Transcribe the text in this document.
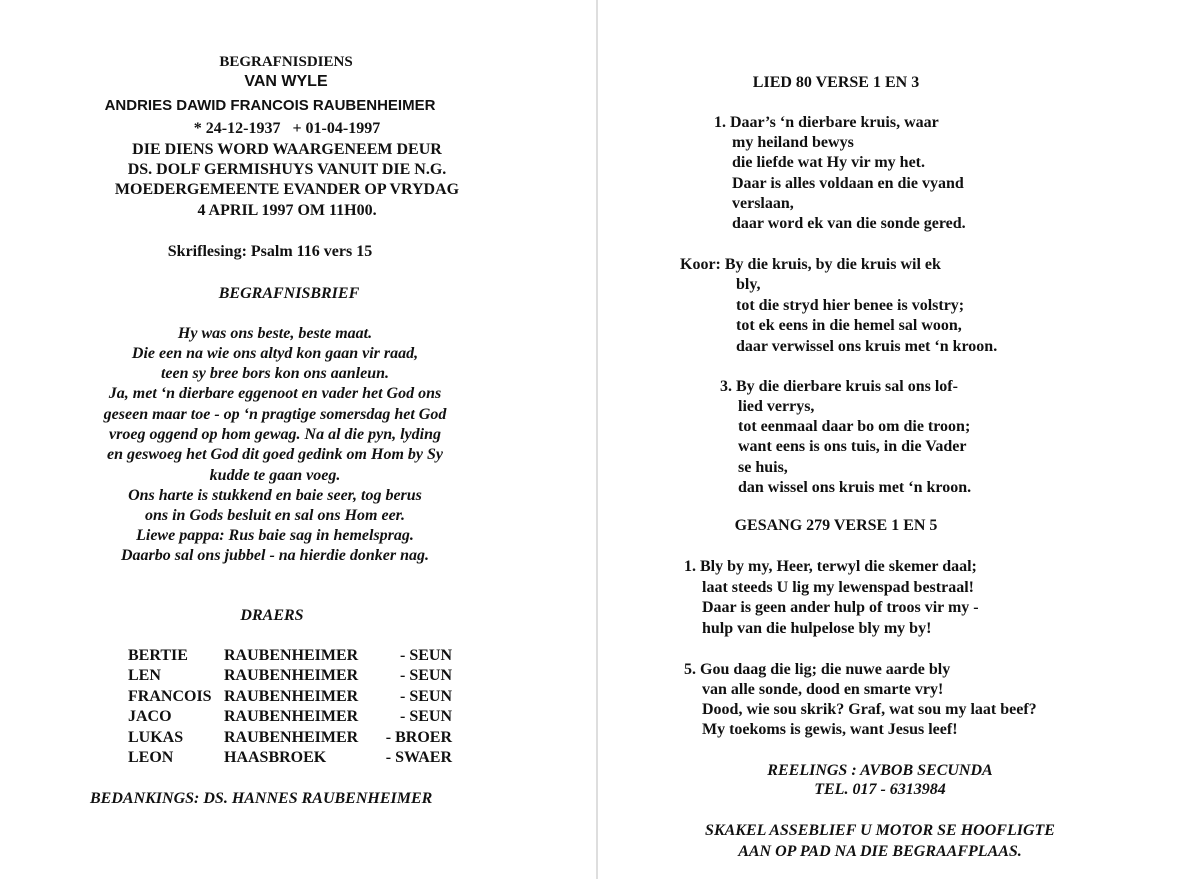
BEGRAFNISDIENS

VAN WYLE

ANDRIES DAWID FRANCOIS RAUBENHEIMER

* 24-12-1937   + 01-04-1997

DIE DIENS WORD WAARGENEEM DEUR

DS. DOLF GERMISHUYS VANUIT DIE N.G.

MOEDERGEMEENTE EVANDER OP VRYDAG

4 APRIL 1997 OM 11H00.

Skriflesing: Psalm 116 vers 15

BEGRAFNISBRIEF

Hy was ons beste, beste maat.

Die een na wie ons altyd kon gaan vir raad,

teen sy bree bors kon ons aanleun.

Ja, met ‘n dierbare eggenoot en vader het God ons

geseen maar toe - op ‘n pragtige somersdag het God

vroeg oggend op hom gewag. Na al die pyn, lyding

en geswoeg het God dit goed gedink om Hom by Sy

kudde te gaan voeg.

Ons harte is stukkend en baie seer, tog berus

ons in Gods besluit en sal ons Hom eer.

Liewe pappa: Rus baie sag in hemelsprag.

Daarbo sal ons jubbel - na hierdie donker nag.

DRAERS

BERTIE	RAUBENHEIMER	- SEUN
LEN	RAUBENHEIMER	- SEUN
FRANCOIS	RAUBENHEIMER	- SEUN
JACO	RAUBENHEIMER	- SEUN
LUKAS	RAUBENHEIMER	- BROER
LEON	HAASBROEK	- SWAER

BEDANKINGS: DS. HANNES RAUBENHEIMER

LIED 80 VERSE 1 EN 3

1. Daar’s ‘n dierbare kruis, waar

my heiland bewys

die liefde wat Hy vir my het.

Daar is alles voldaan en die vyand

verslaan,

daar word ek van die sonde gered.

Koor: By die kruis, by die kruis wil ek

bly,

tot die stryd hier benee is volstry;

tot ek eens in die hemel sal woon,

daar verwissel ons kruis met ‘n kroon.

3. By die dierbare kruis sal ons lof-

lied verrys,

tot eenmaal daar bo om die troon;

want eens is ons tuis, in die Vader

se huis,

dan wissel ons kruis met ‘n kroon.

GESANG 279 VERSE 1 EN 5

1. Bly by my, Heer, terwyl die skemer daal;

laat steeds U lig my lewenspad bestraal!

Daar is geen ander hulp of troos vir my -

hulp van die hulpelose bly my by!

5. Gou daag die lig; die nuwe aarde bly

van alle sonde, dood en smarte vry!

Dood, wie sou skrik? Graf, wat sou my laat beef?

My toekoms is gewis, want Jesus leef!

REELINGS : AVBOB SECUNDA

TEL. 017 - 6313984

SKAKEL ASSEBLIEF U MOTOR SE HOOFLIGTE

AAN OP PAD NA DIE BEGRAAFPLAAS.
